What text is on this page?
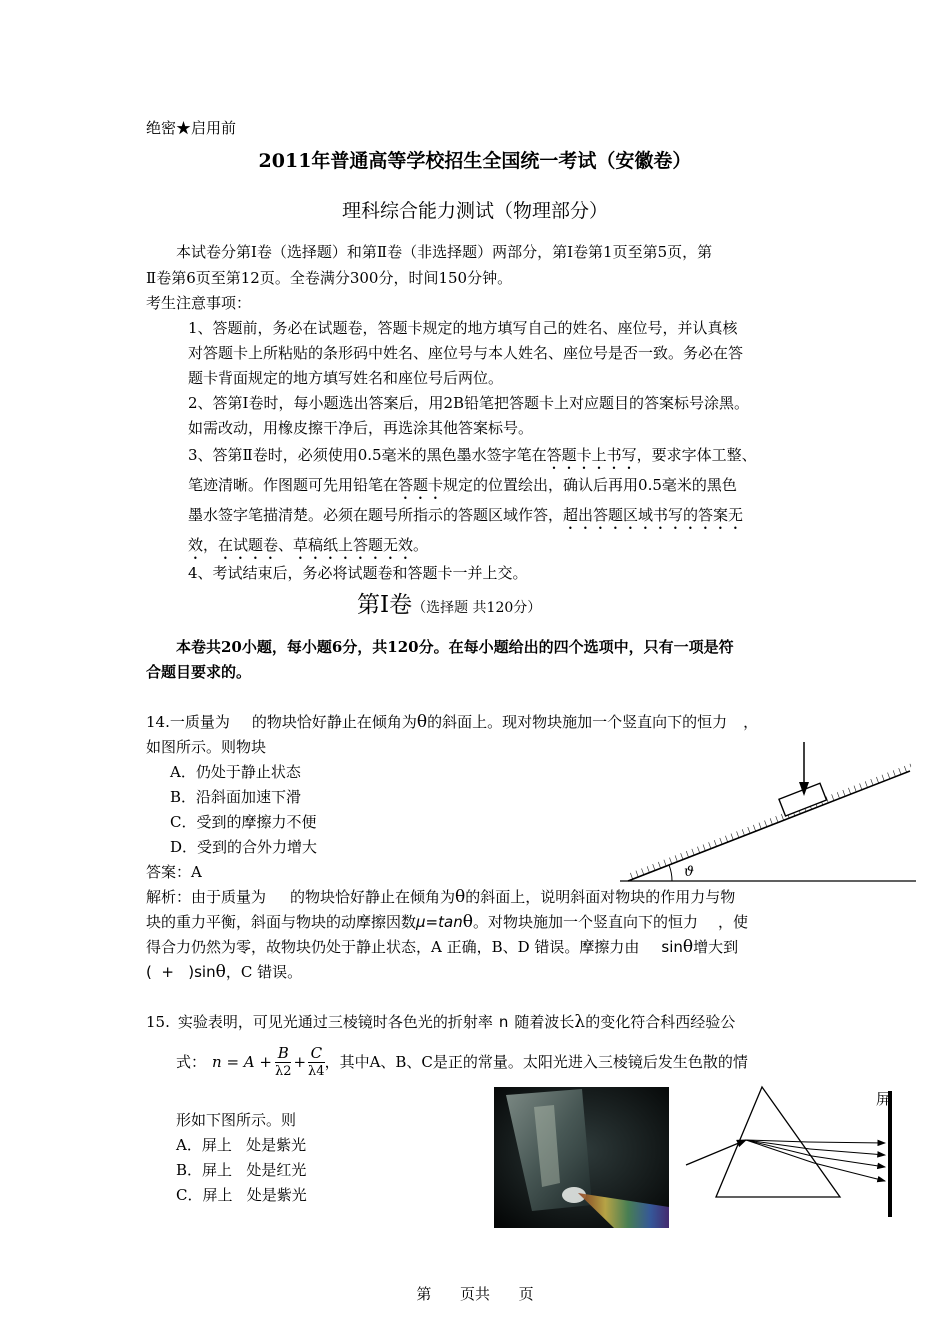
绝密★启用前
2011年普通高等学校招生全国统一考试（安徽卷）
理科综合能力测试（物理部分）
本试卷分第Ⅰ卷（选择题）和第Ⅱ卷（非选择题）两部分，第Ⅰ卷第1页至第5页，第
Ⅱ卷第6页至第12页。全卷满分300分，时间150分钟。
考生注意事项：
1、答题前，务必在试题卷，答题卡规定的地方填写自己的姓名、座位号，并认真核
对答题卡上所粘贴的条形码中姓名、座位号与本人姓名、座位号是否一致。务必在答
题卡背面规定的地方填写姓名和座位号后两位。
2、答第Ⅰ卷时，每小题选出答案后，用2B铅笔把答题卡上对应题目的答案标号涂黑。
如需改动，用橡皮擦干净后，再选涂其他答案标号。
3、答第Ⅱ卷时，必须使用0.5毫米的黑色墨水签字笔在答题卡上书写，要求字体工整、
笔迹清晰。作图题可先用铅笔在答题卡规定的位置绘出，确认后再用0.5毫米的黑色
墨水签字笔描清楚。必须在题号所指示的答题区域作答，超出答题区域书写的答案无
效，在试题卷、草稿纸上答题无效。
4、考试结束后，务必将试题卷和答题卡一并上交。
第Ⅰ卷（选择题 共120分）
本卷共20小题，每小题6分，共120分。在每小题给出的四个选项中，只有一项是符
合题目要求的。
14.一质量为 的物块恰好静止在倾角为θ的斜面上。现对物块施加一个竖直向下的恒力 ，
如图所示。则物块
A．仍处于静止状态
B．沿斜面加速下滑
C．受到的摩擦力不便
D．受到的合外力增大
答案：A	ϑ
解析：由于质量为 的物块恰好静止在倾角为θ的斜面上，说明斜面对物块的作用力与物
块的重力平衡，斜面与物块的动摩擦因数μ=tanθ。对物块施加一个竖直向下的恒力 ，使
得合力仍然为零，故物块仍处于静止状态，A 正确，B、D 错误。摩擦力由 sinθ增大到
(  +   )sinθ，C 错误。
15. 实验表明，可见光通过三棱镜时各色光的折射率 n 随着波长λ的变化符合科西经验公
式： $n = A + \frac{B}{\lambda 2} + \frac{C}{\lambda 4}$ ，其中A、B、C是正的常量。太阳光进入三棱镜后发生色散的情
形如下图所示。则
A．屏上   处是紫光
B．屏上   处是红光
C．屏上   处是紫光
屏
第      页共      页
